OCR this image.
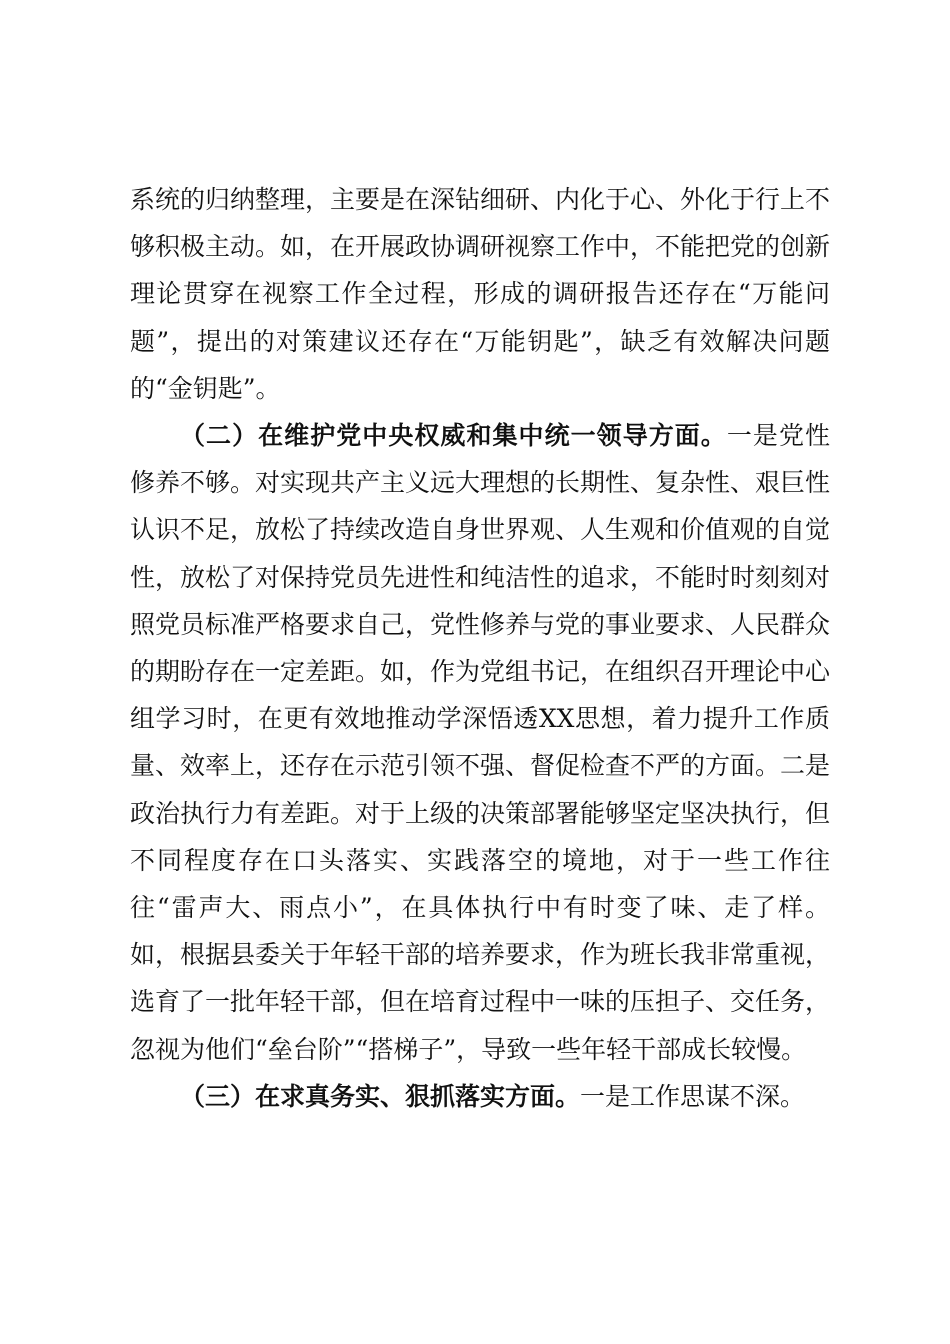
系统的归纳整理，主要是在深钻细研、内化于心、外化于行上不够积极主动。如，在开展政协调研视察工作中，不能把党的创新理论贯穿在视察工作全过程，形成的调研报告还存在“万能问题”，提出的对策建议还存在“万能钥匙”，缺乏有效解决问题的“金钥匙”。

（二）在维护党中央权威和集中统一领导方面。一是党性修养不够。对实现共产主义远大理想的长期性、复杂性、艰巨性认识不足，放松了持续改造自身世界观、人生观和价值观的自觉性，放松了对保持党员先进性和纯洁性的追求，不能时时刻刻对照党员标准严格要求自己，党性修养与党的事业要求、人民群众的期盼存在一定差距。如，作为党组书记，在组织召开理论中心组学习时，在更有效地推动学深悟透XX思想，着力提升工作质量、效率上，还存在示范引领不强、督促检查不严的方面。二是政治执行力有差距。对于上级的决策部署能够坚定坚决执行，但不同程度存在口头落实、实践落空的境地，对于一些工作往往“雷声大、雨点小”，在具体执行中有时变了味、走了样。如，根据县委关于年轻干部的培养要求，作为班长我非常重视，选育了一批年轻干部，但在培育过程中一味的压担子、交任务，忽视为他们“垒台阶”“搭梯子”，导致一些年轻干部成长较慢。

（三）在求真务实、狠抓落实方面。一是工作思谋不深。
